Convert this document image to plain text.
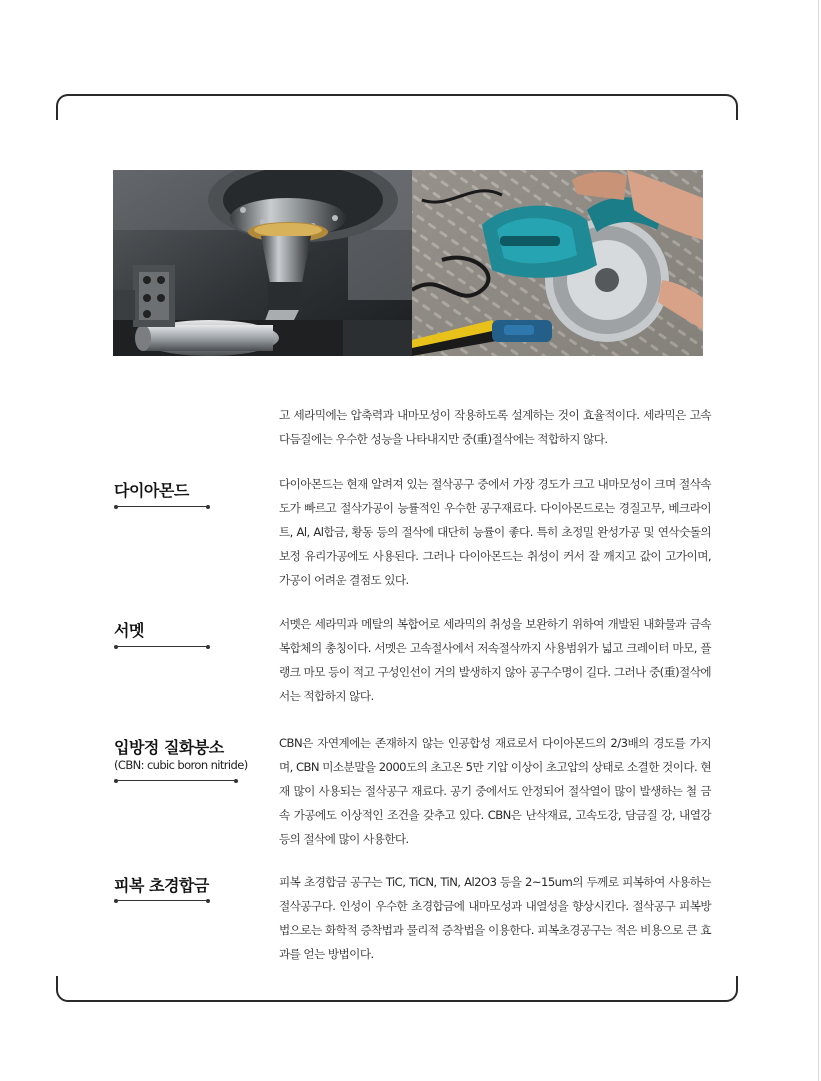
고 세라믹에는 압축력과 내마모성이 작용하도록 설계하는 것이 효율적이다. 세라믹은 고속 다듬질에는 우수한 성능을 나타내지만 중(重)절삭에는 적합하지 않다.

다이아몬드	다이아몬드는 현재 알려져 있는 절삭공구 중에서 가장 경도가 크고 내마모성이 크며 절삭속도가 빠르고 절삭가공이 능률적인 우수한 공구재료다. 다이아몬드로는 경질고무, 베크라이트, Al, Al합금, 황동 등의 절삭에 대단히 능률이 좋다. 특히 초정밀 완성가공 및 연삭숫돌의 보정 유리가공에도 사용된다. 그러나 다이아몬드는 취성이 커서 잘 깨지고 값이 고가이며, 가공이 어려운 결점도 있다.

서멧	서멧은 세라믹과 메탈의 복합어로 세라믹의 취성을 보완하기 위하여 개발된 내화물과 금속 복합체의 총칭이다. 서멧은 고속절사에서 저속절삭까지 사용범위가 넓고 크레이터 마모, 플랭크 마모 등이 적고 구성인선이 거의 발생하지 않아 공구수명이 길다. 그러나 중(重)절삭에서는 적합하지 않다.

입방정 질화붕소
(CBN: cubic boron nitride)

CBN은 자연계에는 존재하지 않는 인공합성 재료로서 다이아몬드의 2/3배의 경도를 가지며, CBN 미소분말을 2000도의 초고온 5만 기압 이상이 초고압의 상태로 소결한 것이다. 현재 많이 사용되는 절삭공구 재료다. 공기 중에서도 안정되어 절삭열이 많이 발생하는 철 금속 가공에도 이상적인 조건을 갖추고 있다. CBN은 난삭재료, 고속도강, 담금질 강, 내열강 등의 절삭에 많이 사용한다.

피복 초경합금	피복 초경합금 공구는 TiC, TiCN, TiN, Al2O3 등을 2~15um의 두께로 피복하여 사용하는 절삭공구다. 인성이 우수한 초경합금에 내마모성과 내열성을 향상시킨다. 절삭공구 피복방법으로는 화학적 증착법과 물리적 증착법을 이용한다. 피복초경공구는 적은 비용으로 큰 효과를 얻는 방법이다.
